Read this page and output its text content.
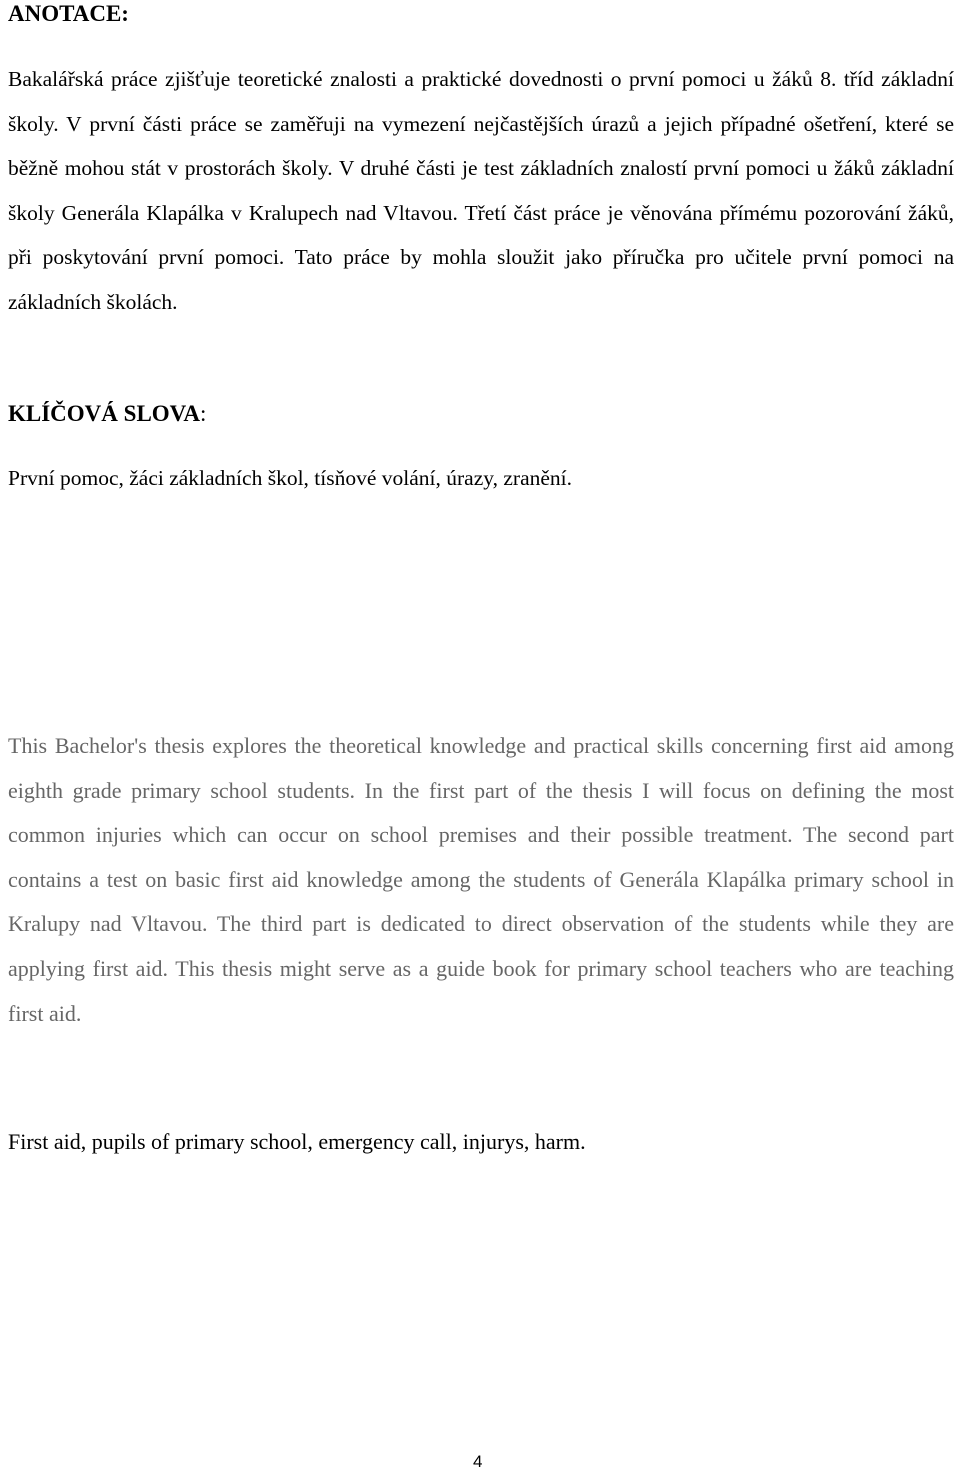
ANOTACE:

Bakalářská práce zjišťuje teoretické znalosti a praktické dovednosti o první pomoci u žáků 8. tříd základní školy. V první části práce se zaměřuji na vymezení nejčastějších úrazů a jejich případné ošetření, které se běžně mohou stát v prostorách školy. V druhé části je test základních znalostí první pomoci u žáků základní školy Generála Klapálka v Kralupech nad Vltavou. Třetí část práce je věnována přímému pozorování žáků, při poskytování první pomoci. Tato práce by mohla sloužit jako příručka pro učitele první pomoci na základních školách.

KLÍČOVÁ SLOVA:

První pomoc, žáci základních škol, tísňové volání, úrazy, zranění.

This Bachelor's thesis explores the theoretical knowledge and practical skills concerning first aid among eighth grade primary school students. In the first part of the thesis I will focus on defining the most common injuries which can occur on school premises and their possible treatment. The second part contains a test on basic first aid knowledge among the students of Generála Klapálka primary school in Kralupy nad Vltavou. The third part is dedicated to direct observation of the students while they are applying first aid. This thesis might serve as a guide book for primary school teachers who are teaching first aid.

First aid, pupils of primary school, emergency call, injurys, harm.

4
